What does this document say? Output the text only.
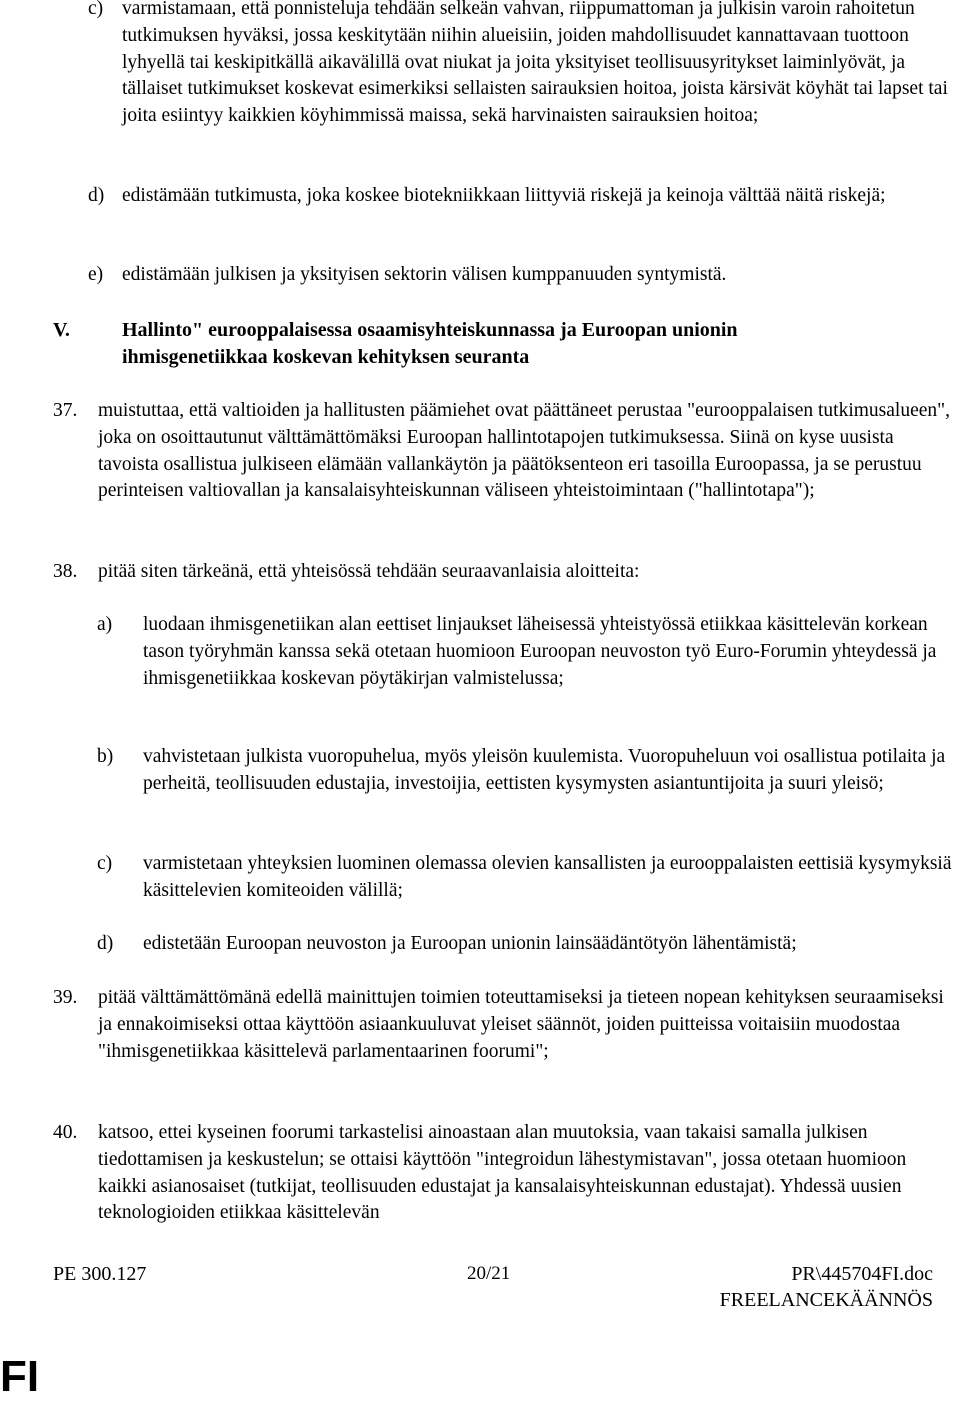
c) varmistamaan, että ponnisteluja tehdään selkeän vahvan, riippumattoman ja julkisin varoin rahoitetun tutkimuksen hyväksi, jossa keskitytään niihin alueisiin, joiden mahdollisuudet kannattavaan tuottoon lyhyellä tai keskipitkällä aikavälillä ovat niukat ja joita yksityiset teollisuusyritykset laiminlyövät, ja tällaiset tutkimukset koskevat esimerkiksi sellaisten sairauksien hoitoa, joista kärsivät köyhät tai lapset tai joita esiintyy kaikkien köyhimmissä maissa, sekä harvinaisten sairauksien hoitoa;
d) edistämään tutkimusta, joka koskee biotekniikkaan liittyviä riskejä ja keinoja välttää näitä riskejä;
e) edistämään julkisen ja yksityisen sektorin välisen kumppanuuden syntymistä.
V.	Hallinto" eurooppalaisessa osaamisyhteiskunnassa ja Euroopan unionin ihmisgenetiikkaa koskevan kehityksen seuranta
37. muistuttaa, että valtioiden ja hallitusten päämiehet ovat päättäneet perustaa "eurooppalaisen tutkimusalueen", joka on osoittautunut välttämättömäksi Euroopan hallintotapojen tutkimuksessa. Siinä on kyse uusista tavoista osallistua julkiseen elämään vallankäytön ja päätöksenteon eri tasoilla Euroopassa, ja se perustuu perinteisen valtiovallan ja kansalaisyhteiskunnan väliseen yhteistoimintaan ("hallintotapa");
38. pitää siten tärkeänä, että yhteisössä tehdään seuraavanlaisia aloitteita:
a) luodaan ihmisgenetiikan alan eettiset linjaukset läheisessä yhteistyössä etiikkaa käsittelevän korkean tason työryhmän kanssa sekä otetaan huomioon Euroopan neuvoston työ Euro-Forumin yhteydessä ja ihmisgenetiikkaa koskevan pöytäkirjan valmistelussa;
b) vahvistetaan julkista vuoropuhelua, myös yleisön kuulemista. Vuoropuheluun voi osallistua potilaita ja perheitä, teollisuuden edustajia, investoijia, eettisten kysymysten asiantuntijoita ja suuri yleisö;
c) varmistetaan yhteyksien luominen olemassa olevien kansallisten ja eurooppalaisten eettisiä kysymyksiä käsittelevien komiteoiden välillä;
d) edistetään Euroopan neuvoston ja Euroopan unionin lainsäädäntötyön lähentämistä;
39. pitää välttämättömänä edellä mainittujen toimien toteuttamiseksi ja tieteen nopean kehityksen seuraamiseksi ja ennakoimiseksi ottaa käyttöön asiaankuuluvat yleiset säännöt, joiden puitteissa voitaisiin muodostaa "ihmisgenetiikkaa käsittelevä parlamentaarinen foorumi";
40. katsoo, ettei kyseinen foorumi tarkastelisi ainoastaan alan muutoksia, vaan takaisi samalla julkisen tiedottamisen ja keskustelun; se ottaisi käyttöön "integroidun lähestymistavan", jossa otetaan huomioon kaikki asianosaiset (tutkijat, teollisuuden edustajat ja kansalaisyhteiskunnan edustajat). Yhdessä uusien teknologioiden etiikkaa käsittelevän
PE 300.127	20/21	PR\445704FI.doc
FREELANCEKÄÄNNÖS
FI
